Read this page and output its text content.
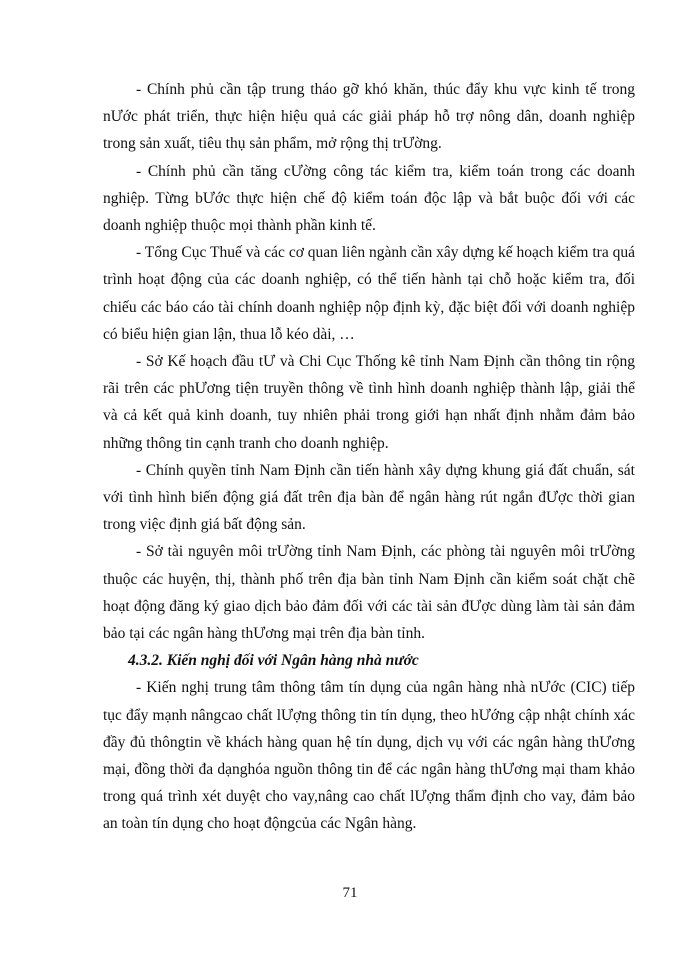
- Chính phủ cần tập trung tháo gỡ khó khăn, thúc đẩy khu vực kinh tế trong nƯớc phát triển, thực hiện hiệu quả các giải pháp hỗ trợ nông dân, doanh nghiệp trong sản xuất, tiêu thụ sản phẩm, mở rộng thị trƯờng.

- Chính phủ cần tăng cƯờng công tác kiểm tra, kiểm toán trong các doanh nghiệp. Từng bƯớc thực hiện chế độ kiểm toán độc lập và bắt buộc đối với các doanh nghiệp thuộc mọi thành phần kinh tế.

- Tổng Cục Thuế và các cơ quan liên ngành cần xây dựng kế hoạch kiểm tra quá trình hoạt động của các doanh nghiệp, có thể tiến hành tại chỗ hoặc kiểm tra, đối chiếu các báo cáo tài chính doanh nghiệp nộp định kỳ, đặc biệt đối với doanh nghiệp có biểu hiện gian lận, thua lỗ kéo dài, …

- Sở Kế hoạch đầu tƯ và Chi Cục Thống kê tỉnh Nam Định cần thông tin rộng rãi trên các phƯơng tiện truyền thông về tình hình doanh nghiệp thành lập, giải thể và cả kết quả kinh doanh, tuy nhiên phải trong giới hạn nhất định nhằm đảm bảo những thông tin cạnh tranh cho doanh nghiệp.

- Chính quyền tỉnh Nam Định cần tiến hành xây dựng khung giá đất chuẩn, sát với tình hình biến động giá đất trên địa bàn để ngân hàng rút ngắn đƯợc thời gian trong việc định giá bất động sản.

- Sở tài nguyên môi trƯờng tỉnh Nam Định, các phòng tài nguyên môi trƯờng thuộc các huyện, thị, thành phố trên địa bàn tỉnh Nam Định cần kiểm soát chặt chẽ hoạt động đăng ký giao dịch bảo đảm đối với các tài sản đƯợc dùng làm tài sản đảm bảo tại các ngân hàng thƯơng mại trên địa bàn tỉnh.

4.3.2. Kiến nghị đối với Ngân hàng nhà nước

- Kiến nghị trung tâm thông tâm tín dụng của ngân hàng nhà nƯớc (CIC) tiếp tục đẩy mạnh nângcao chất lƯợng thông tin tín dụng, theo hƯớng cập nhật chính xác đầy đủ thôngtin về khách hàng quan hệ tín dụng, dịch vụ với các ngân hàng thƯơng mại, đồng thời đa dạnghóa nguồn thông tin để các ngân hàng thƯơng mại tham khảo trong quá trình xét duyệt cho vay,nâng cao chất lƯợng thẩm định cho vay, đảm bảo an toàn tín dụng cho hoạt độngcủa các Ngân hàng.

71
